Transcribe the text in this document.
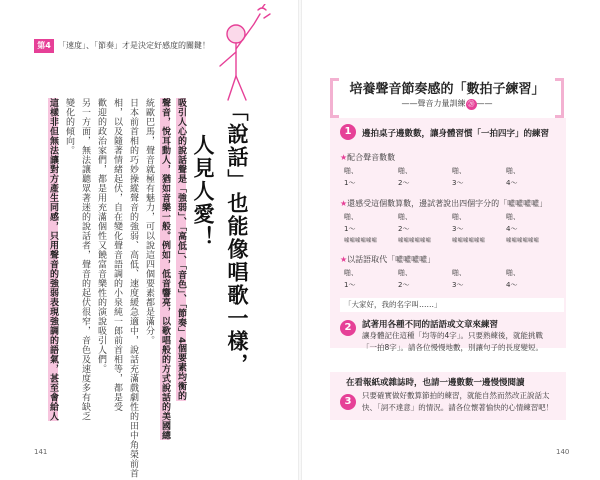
第4章
「速度」、「節奏」才是決定好感度的關鍵！
「說話」也能像唱歌一樣，
人見人愛！
吸引人心的說話聲是「強弱」、「高低」、「音色」、「節奏」4個要素均衡的
聲音，悅耳動人，猶如音樂一般。例如，低音響亮，以歌唱般的方式說話的美國總
統歐巴馬，聲音就極有魅力，可以說這四個要素都是滿分。
日本前首相的巧妙操縱聲音的強弱、高低、速度緩急適中，說話充滿戲劇性的田中角榮前首
相，以及隨著情緒起伏，自在變化聲音語調的小泉純一郎前首相等，都是受
歡迎的政治家們，都是用充滿個性又饒富音樂性的演說吸引人們。
另一方面，無法讓聽眾著迷的說話者，聲音的起伏很窄，音色及速度多有缺乏
變化的傾向。
這樣非但無法讓對方產生同感，只用聲音的強弱表現強調的語氣，甚至會給人
141
培養聲音節奏感的「數拍子練習」
——聲音力量訓練 ⑳ ——
1	邊拍桌子邊數數，讓身體習慣「一拍四字」的練習
★配合聲音數數
啪、	啪、	啪、	啪、
1～	2～	3～	4～
★還感受這個數算數，邊試著說出四個字分的「噓噓噓噓」
啪、	啪、	啪、	啪、
1～	2～	3～	4～
噓噓噓噓噓噓	噓噓噓噓噓噓	噓噓噓噓噓噓	噓噓噓噓噓噓
★以話語取代「噓噓噓噓」
啪、	啪、	啪、	啪、
1～	2～	3～	4～
「大家好，我的名字叫……」
2	試著用各種不同的話語或文章來練習
讓身體記住這種「均等的4字」。只要熟練後，就能挑戰
「一拍8字」。請各位慢慢地數，別讓句子的長度變短。
在看報紙或雜誌時，也請一邊數數一邊慢慢閱讀
3
只要確實做好數算節拍的練習，就能自然而然改正說話太
快、「詞不達意」的情況。請各位懷著愉快的心情練習吧！
140
